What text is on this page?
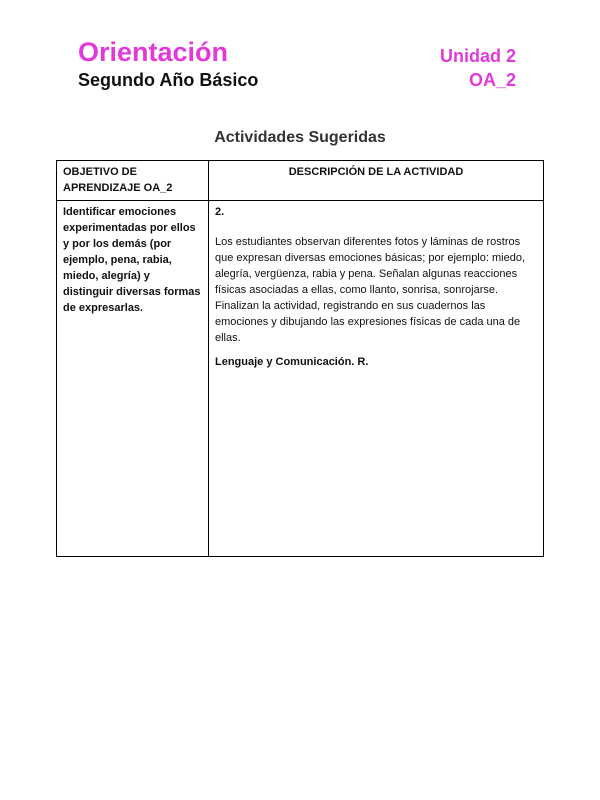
Orientación
Segundo Año Básico
Unidad 2
OA_2
Actividades Sugeridas
OBJETIVO DE APRENDIZAJE OA_2	DESCRIPCIÓN DE LA ACTIVIDAD

Identificar emociones experimentadas por ellos y por los demás (por ejemplo, pena, rabia, miedo, alegría) y distinguir diversas formas de expresarlas.	2.

Los estudiantes observan diferentes fotos y láminas de rostros que expresan diversas emociones básicas; por ejemplo: miedo, alegría, vergüenza, rabia y pena. Señalan algunas reacciones físicas asociadas a ellas, como llanto, sonrisa, sonrojarse. Finalizan la actividad, registrando en sus cuadernos las emociones y dibujando las expresiones físicas de cada una de ellas.

Lenguaje y Comunicación. R.
